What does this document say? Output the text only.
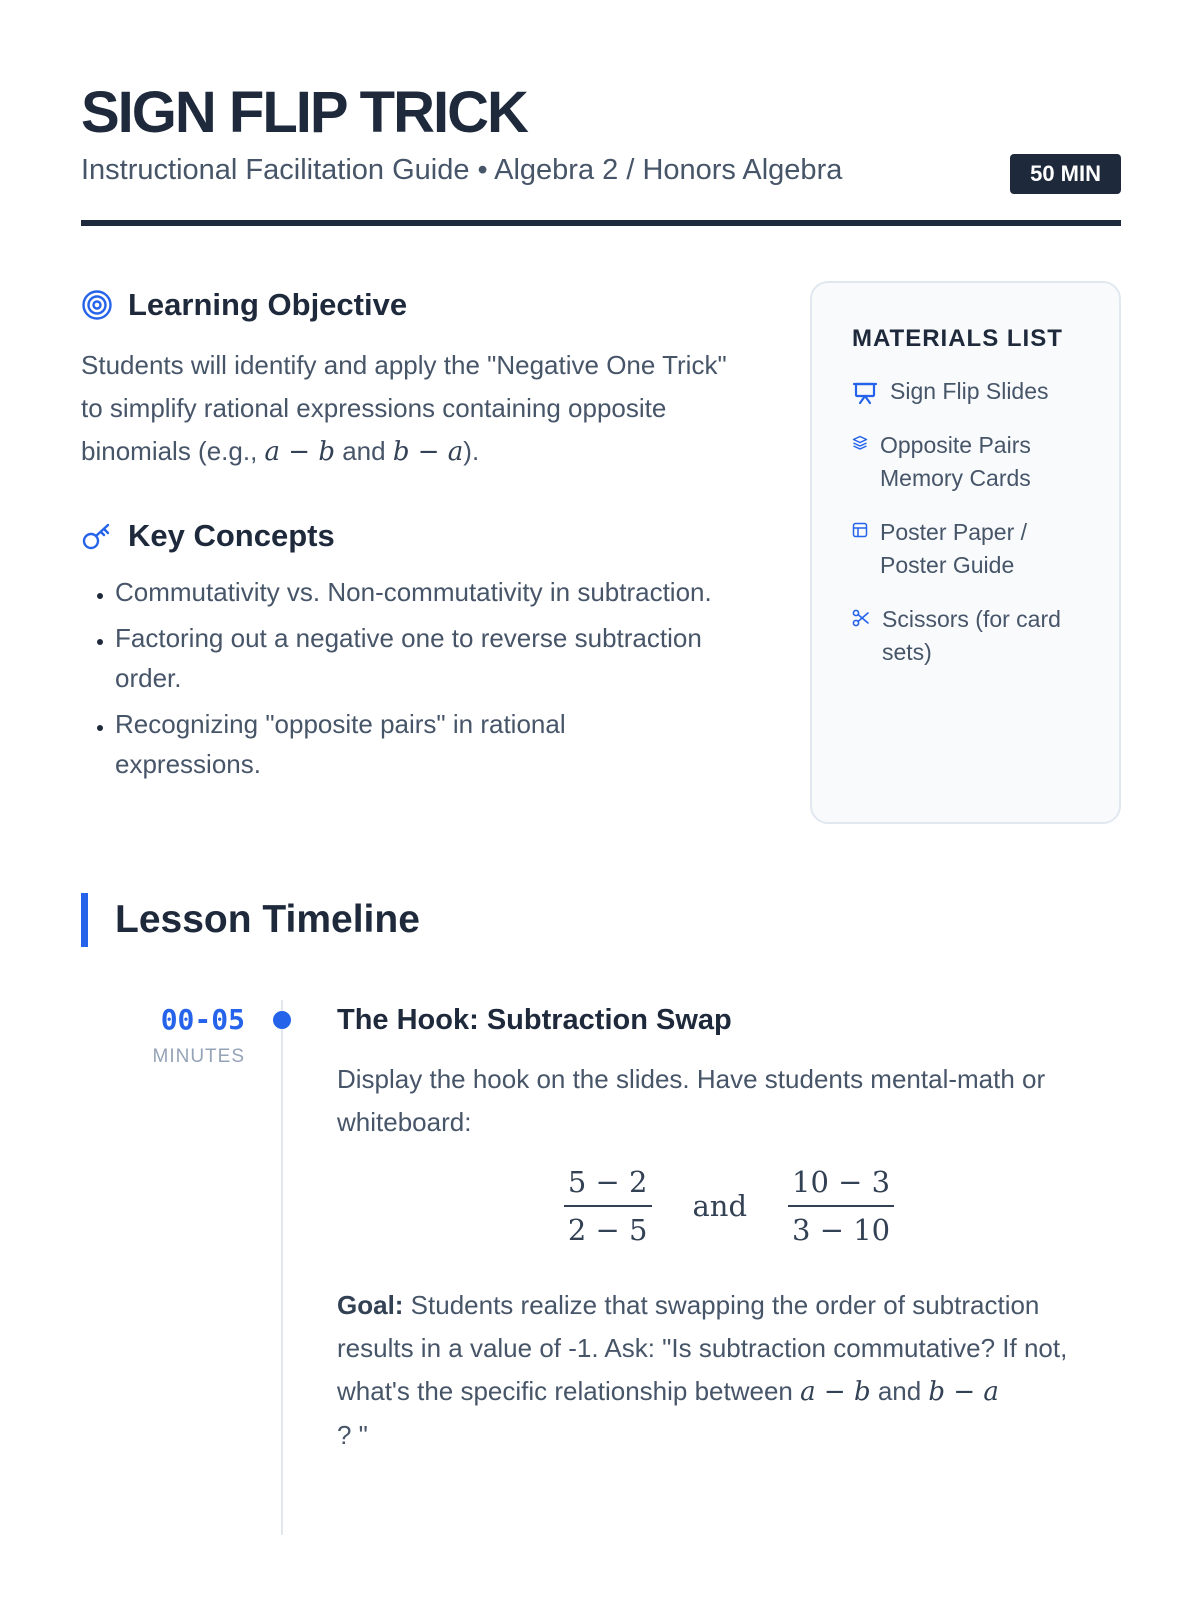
SIGN FLIP TRICK
Instructional Facilitation Guide • Algebra 2 / Honors Algebra	50 MIN
Learning Objective
Students will identify and apply the "Negative One Trick" to simplify rational expressions containing opposite binomials (e.g., a − b and b − a).
Key Concepts
• Commutativity vs. Non-commutativity in subtraction.
• Factoring out a negative one to reverse subtraction order.
• Recognizing "opposite pairs" in rational expressions.
MATERIALS LIST
Sign Flip Slides
Opposite Pairs Memory Cards
Poster Paper / Poster Guide
Scissors (for card sets)
Lesson Timeline
00-05
MINUTES
The Hook: Subtraction Swap
Display the hook on the slides. Have students mental-math or whiteboard:
$\frac{5 - 2}{2 - 5}$ and $\frac{10 - 3}{3 - 10}$
Goal: Students realize that swapping the order of subtraction results in a value of -1. Ask: "Is subtraction commutative? If not, what's the specific relationship between a − b and b − a
? "
